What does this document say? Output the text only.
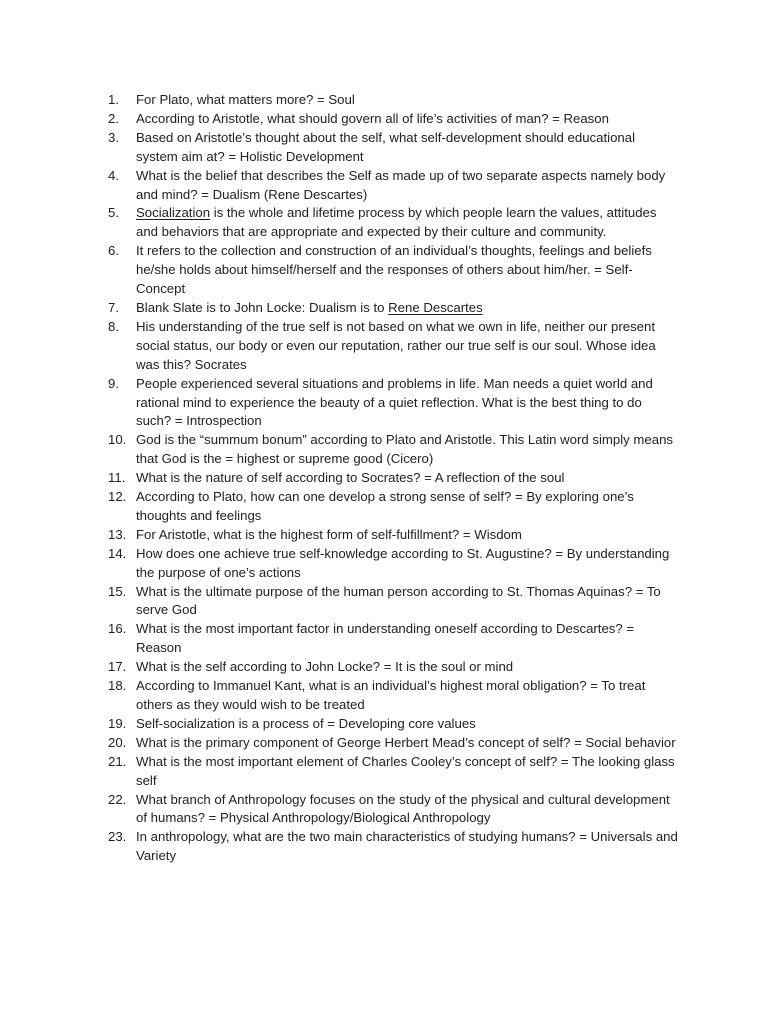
1.	For Plato, what matters more? = Soul
2.	According to Aristotle, what should govern all of life’s activities of man? = Reason
3.	Based on Aristotle’s thought about the self, what self-development should educational system aim at? = Holistic Development
4.	What is the belief that describes the Self as made up of two separate aspects namely body and mind? = Dualism (Rene Descartes)
5.	Socialization is the whole and lifetime process by which people learn the values, attitudes and behaviors that are appropriate and expected by their culture and community.
6.	It refers to the collection and construction of an individual’s thoughts, feelings and beliefs he/she holds about himself/herself and the responses of others about him/her. = Self-Concept
7.	Blank Slate is to John Locke: Dualism is to Rene Descartes
8.	His understanding of the true self is not based on what we own in life, neither our present social status, our body or even our reputation, rather our true self is our soul. Whose idea was this? Socrates
9.	People experienced several situations and problems in life. Man needs a quiet world and rational mind to experience the beauty of a quiet reflection. What is the best thing to do such? = Introspection
10. God is the “summum bonum” according to Plato and Aristotle. This Latin word simply means that God is the = highest or supreme good (Cicero)
11. What is the nature of self according to Socrates? = A reflection of the soul
12. According to Plato, how can one develop a strong sense of self? = By exploring one’s thoughts and feelings
13. For Aristotle, what is the highest form of self-fulfillment? = Wisdom
14. How does one achieve true self-knowledge according to St. Augustine? = By understanding the purpose of one’s actions
15. What is the ultimate purpose of the human person according to St. Thomas Aquinas? = To serve God
16. What is the most important factor in understanding oneself according to Descartes? = Reason
17. What is the self according to John Locke? = It is the soul or mind
18. According to Immanuel Kant, what is an individual’s highest moral obligation? = To treat others as they would wish to be treated
19. Self-socialization is a process of = Developing core values
20. What is the primary component of George Herbert Mead’s concept of self? = Social behavior
21. What is the most important element of Charles Cooley’s concept of self? = The looking glass self
22. What branch of Anthropology focuses on the study of the physical and cultural development of humans? = Physical Anthropology/Biological Anthropology
23. In anthropology, what are the two main characteristics of studying humans? = Universals and Variety
